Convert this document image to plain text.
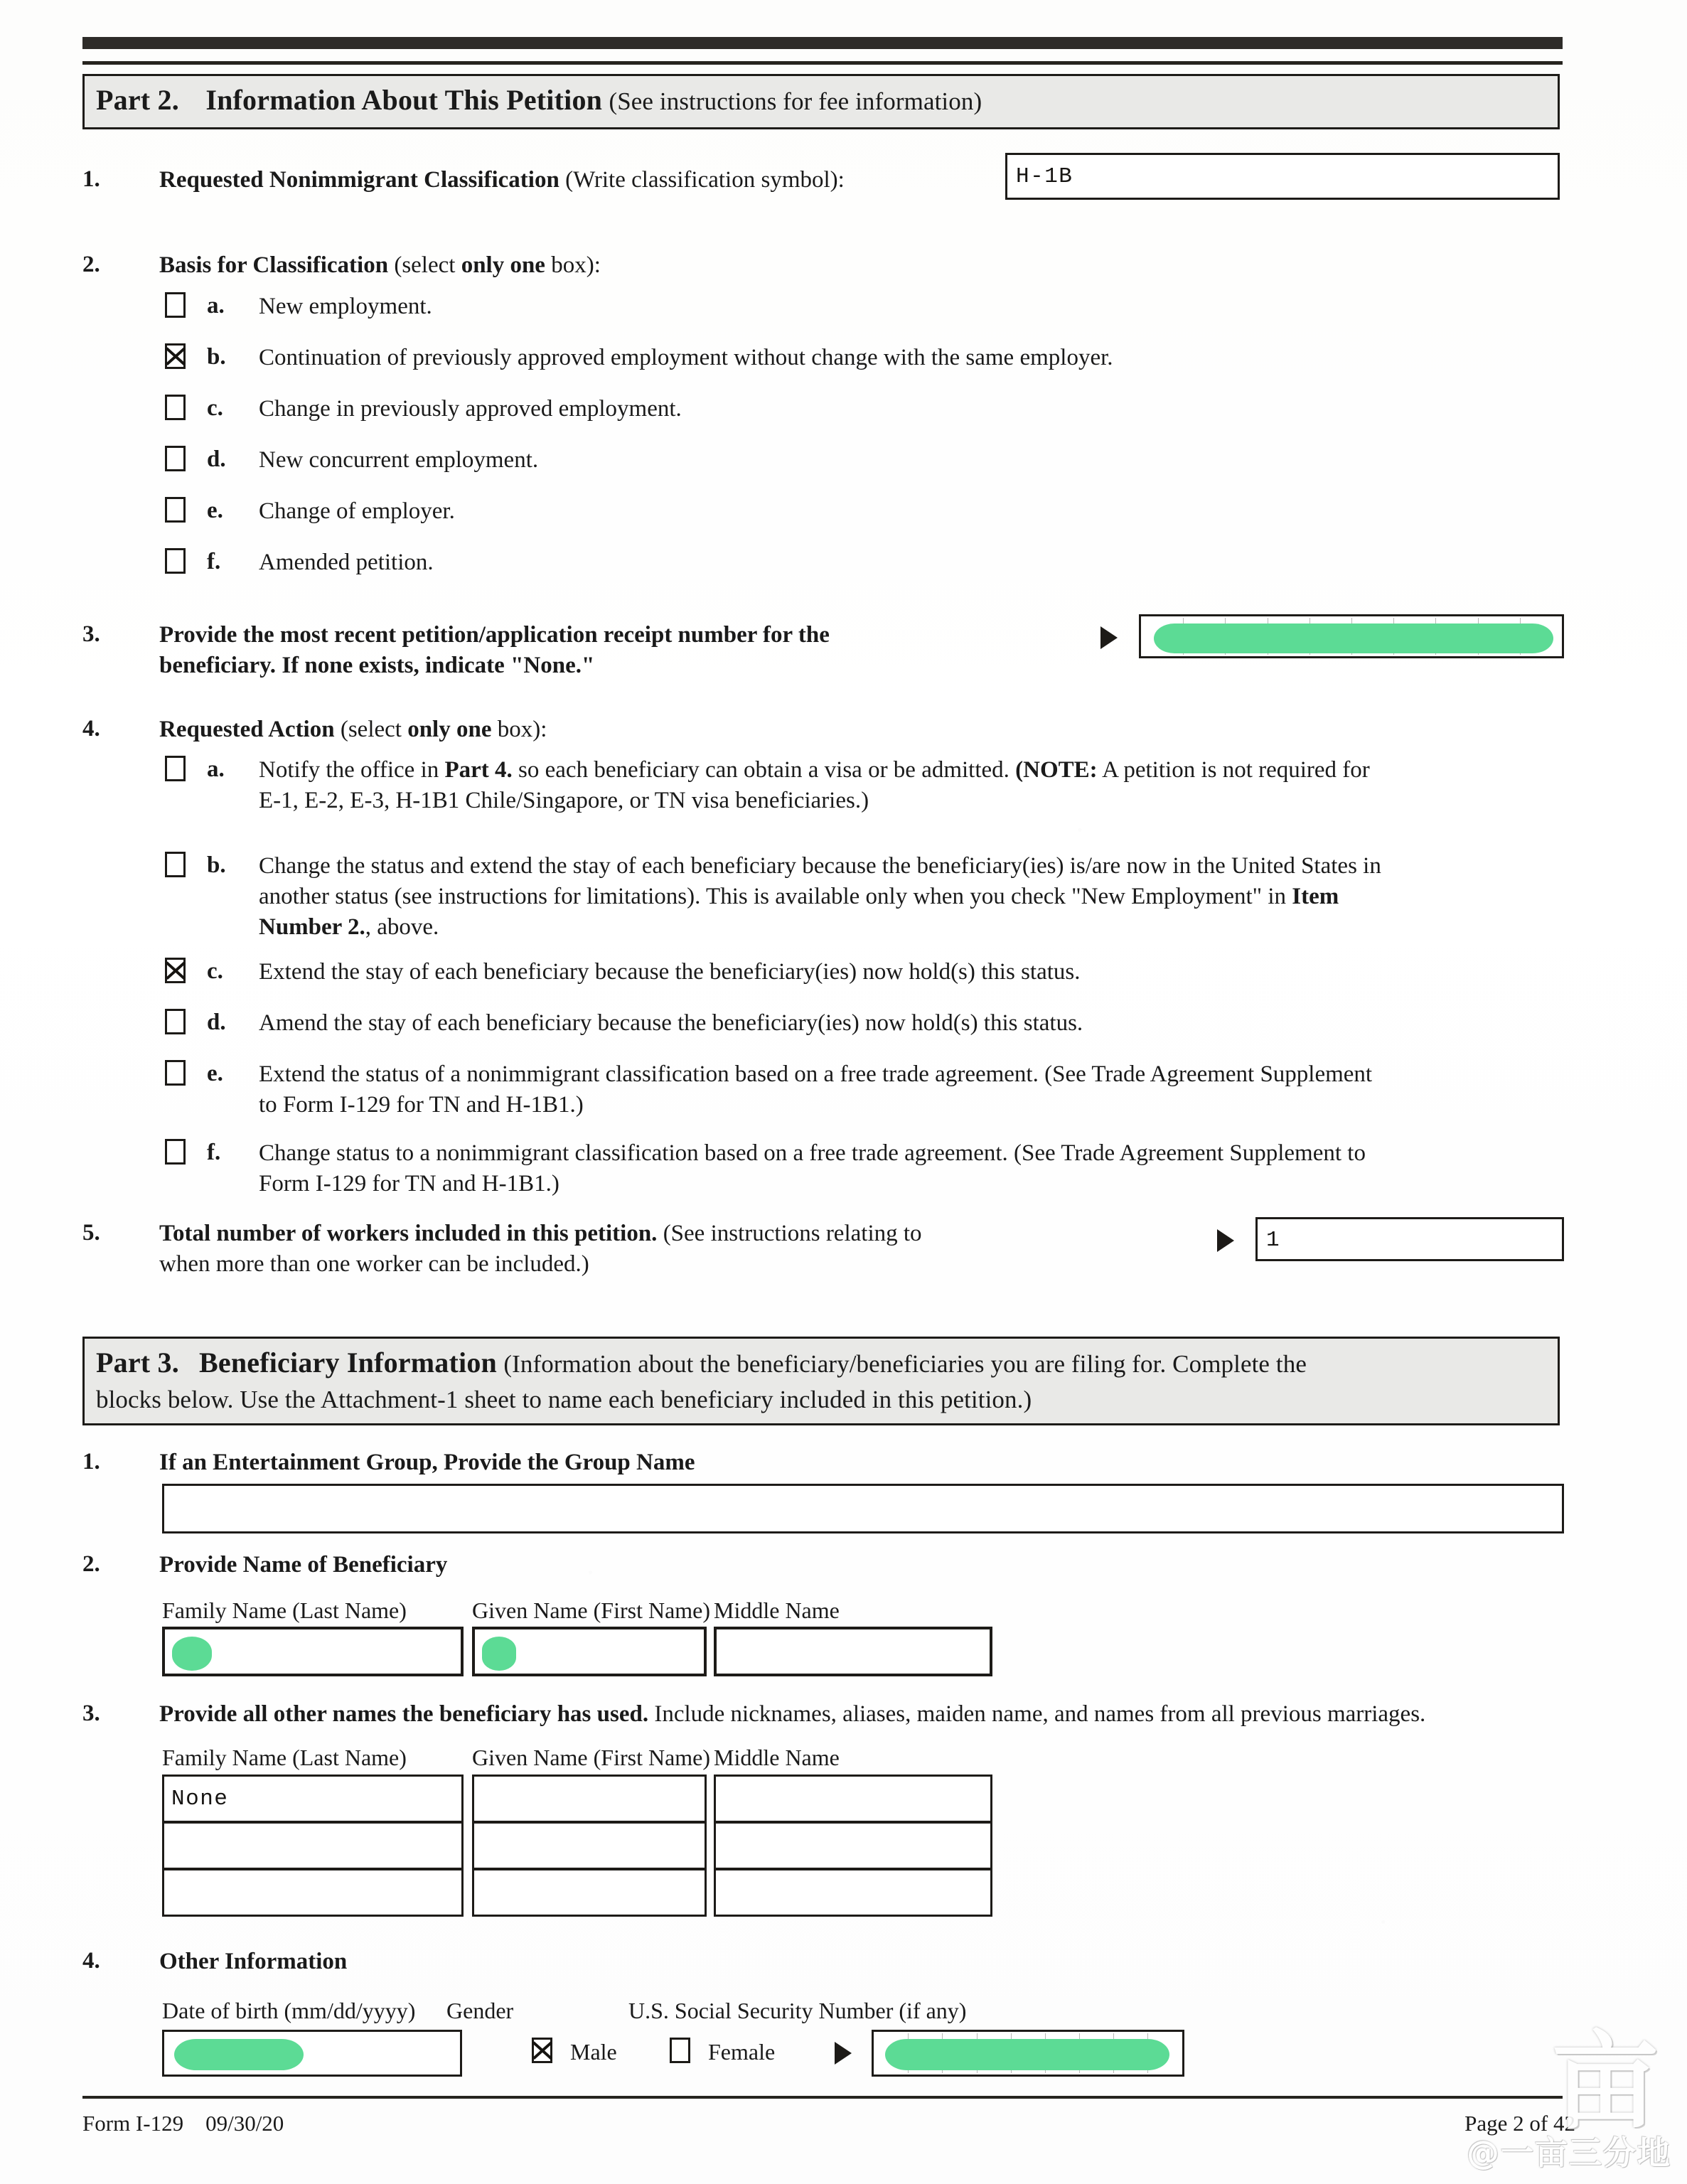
Part 2. Information About This Petition (See instructions for fee information)
1.	Requested Nonimmigrant Classification (Write classification symbol):	H-1B
2.	Basis for Classification (select only one box):
a. New employment.
b. Continuation of previously approved employment without change with the same employer.
c. Change in previously approved employment.
d. New concurrent employment.
e. Change of employer.
f. Amended petition.
3.	Provide the most recent petition/application receipt number for the
beneficiary. If none exists, indicate "None."
4.	Requested Action (select only one box):
a. Notify the office in Part 4. so each beneficiary can obtain a visa or be admitted. (NOTE: A petition is not required for
E-1, E-2, E-3, H-1B1 Chile/Singapore, or TN visa beneficiaries.)
b. Change the status and extend the stay of each beneficiary because the beneficiary(ies) is/are now in the United States in
another status (see instructions for limitations). This is available only when you check "New Employment" in Item
Number 2., above.
c. Extend the stay of each beneficiary because the beneficiary(ies) now hold(s) this status.
d. Amend the stay of each beneficiary because the beneficiary(ies) now hold(s) this status.
e. Extend the status of a nonimmigrant classification based on a free trade agreement. (See Trade Agreement Supplement
to Form I-129 for TN and H-1B1.)
f. Change status to a nonimmigrant classification based on a free trade agreement. (See Trade Agreement Supplement to
Form I-129 for TN and H-1B1.)
5.	Total number of workers included in this petition. (See instructions relating to
when more than one worker can be included.)
1
Part 3. Beneficiary Information (Information about the beneficiary/beneficiaries you are filing for. Complete the
blocks below. Use the Attachment-1 sheet to name each beneficiary included in this petition.)
1.	If an Entertainment Group, Provide the Group Name
2.	Provide Name of Beneficiary
Family Name (Last Name)	Given Name (First Name) Middle Name
3.	Provide all other names the beneficiary has used. Include nicknames, aliases, maiden name, and names from all previous marriages.
Family Name (Last Name)	Given Name (First Name) Middle Name
None
4.	Other Information
Date of birth (mm/dd/yyyy) Gender	U.S. Social Security Number (if any)
Male	Female
Form I-129 09/30/20	Page 2 of 42
亩
@一亩三分地
